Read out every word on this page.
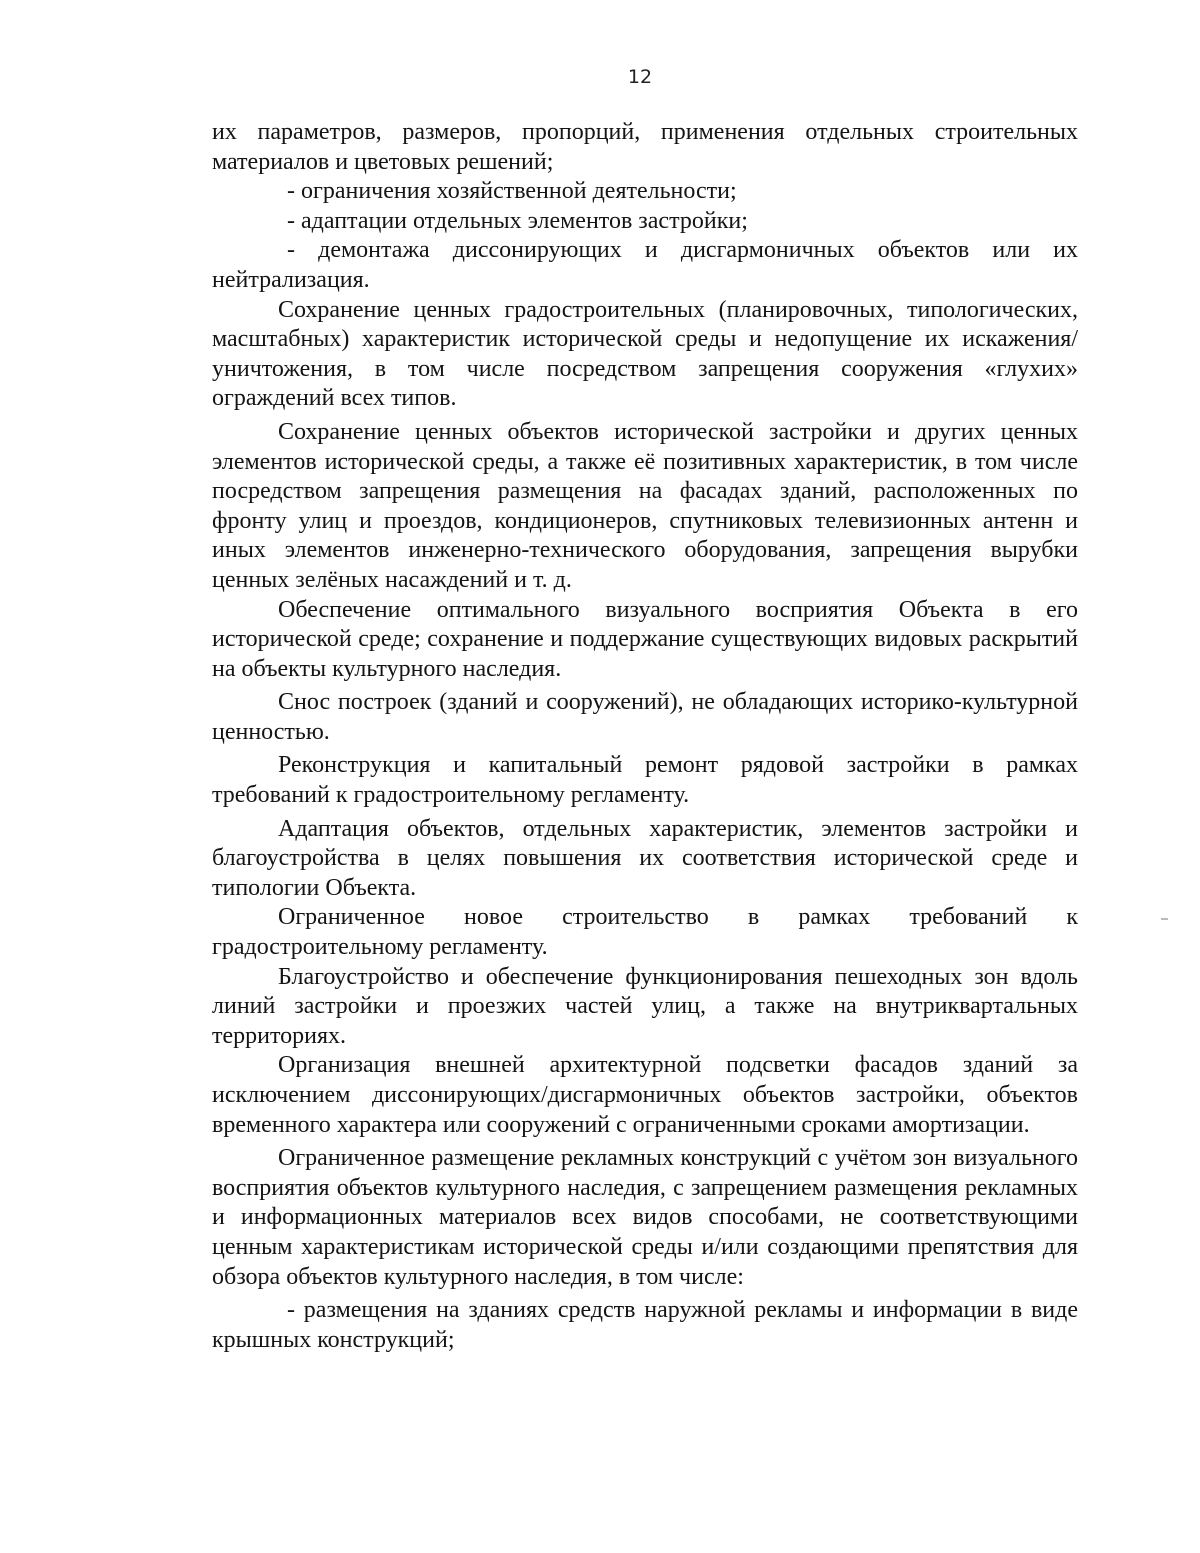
12

их параметров, размеров, пропорций, применения отдельных строительных материалов и цветовых решений;

- ограничения хозяйственной деятельности;

- адаптации отдельных элементов застройки;

- демонтажа диссонирующих и дисгармоничных объектов или их нейтрализация.

Сохранение ценных градостроительных (планировочных, типологических, масштабных) характеристик исторической среды и недопущение их искажения/уничтожения, в том числе посредством запрещения сооружения «глухих» ограждений всех типов.

Сохранение ценных объектов исторической застройки и других ценных элементов исторической среды, а также её позитивных характеристик, в том числе посредством запрещения размещения на фасадах зданий, расположенных по фронту улиц и проездов, кондиционеров, спутниковых телевизионных антенн и иных элементов инженерно-технического оборудования, запрещения вырубки ценных зелёных насаждений и т. д.

Обеспечение оптимального визуального восприятия Объекта в его исторической среде; сохранение и поддержание существующих видовых раскрытий на объекты культурного наследия.

Снос построек (зданий и сооружений), не обладающих историко-культурной ценностью.

Реконструкция и капитальный ремонт рядовой застройки в рамках требований к градостроительному регламенту.

Адаптация объектов, отдельных характеристик, элементов застройки и благоустройства в целях повышения их соответствия исторической среде и типологии Объекта.

Ограниченное новое строительство в рамках требований к градостроительному регламенту.

Благоустройство и обеспечение функционирования пешеходных зон вдоль линий застройки и проезжих частей улиц, а также на внутриквартальных территориях.

Организация внешней архитектурной подсветки фасадов зданий за исключением диссонирующих/дисгармоничных объектов застройки, объектов временного характера или сооружений с ограниченными сроками амортизации.

Ограниченное размещение рекламных конструкций с учётом зон визуального восприятия объектов культурного наследия, с запрещением размещения рекламных и информационных материалов всех видов способами, не соответствующими ценным характеристикам исторической среды и/или создающими препятствия для обзора объектов культурного наследия, в том числе:

- размещения на зданиях средств наружной рекламы и информации в виде крышных конструкций;
